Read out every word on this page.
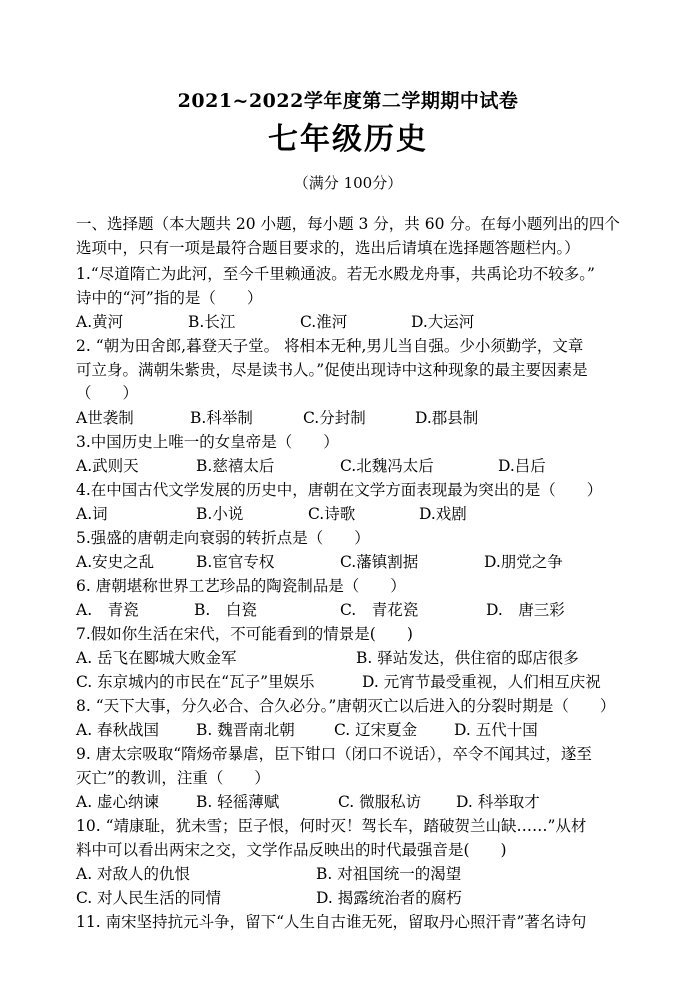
2021~2022学年度第二学期期中试卷
七年级历史
（满分 100分）
一、选择题（本大题共 20 小题，每小题 3 分，共 60 分。在每小题列出的四个
选项中，只有一项是最符合题目要求的，选出后请填在选择题答题栏内。）
1.“尽道隋亡为此河，至今千里赖通波。若无水殿龙舟事，共禹论功不较多。”
诗中的“河”指的是（　　）
A.黄河	B.长江	C.淮河	D.大运河
2. “朝为田舍郎,暮登天子堂。 将相本无种,男儿当自强。少小须勤学，文章
可立身。满朝朱紫贵，尽是读书人。”促使出现诗中这种现象的最主要因素是
（　　）
A世袭制	B.科举制	C.分封制	D.郡县制
3.中国历史上唯一的女皇帝是（　　）
A.武则天	B.慈禧太后	C.北魏冯太后	D.吕后
4.在中国古代文学发展的历史中，唐朝在文学方面表现最为突出的是（　　）
A.词	B.小说	C.诗歌	D.戏剧
5.强盛的唐朝走向衰弱的转折点是（　　）
A.安史之乱	B.宦官专权	C.藩镇割据	D.朋党之争
6. 唐朝堪称世界工艺珍品的陶瓷制品是（　　）
A.　青瓷	B.　白瓷	C.　青花瓷	D.　唐三彩
7.假如你生活在宋代，不可能看到的情景是(　　)
A. 岳飞在郾城大败金军	B. 驿站发达，供住宿的邸店很多
C. 东京城内的市民在“瓦子”里娱乐	D. 元宵节最受重视，人们相互庆祝
8. “天下大事，分久必合、合久必分。”唐朝灭亡以后进入的分裂时期是（　　）
A. 春秋战国 B. 魏晋南北朝	C. 辽宋夏金 D. 五代十国
9. 唐太宗吸取“隋炀帝暴虐，臣下钳口（闭口不说话），卒令不闻其过，遂至
灭亡”的教训，注重（　　）
A. 虚心纳谏 B. 轻徭薄赋	C. 微服私访 D. 科举取才
10. “靖康耻，犹未雪；臣子恨，何时灭！驾长车，踏破贺兰山缺……”从材
料中可以看出两宋之交，文学作品反映出的时代最强音是(　　)
A. 对敌人的仇恨	B. 对祖国统一的渴望
C. 对人民生活的同情	D. 揭露统治者的腐朽
11. 南宋坚持抗元斗争，留下“人生自古谁无死，留取丹心照汗青”著名诗句
